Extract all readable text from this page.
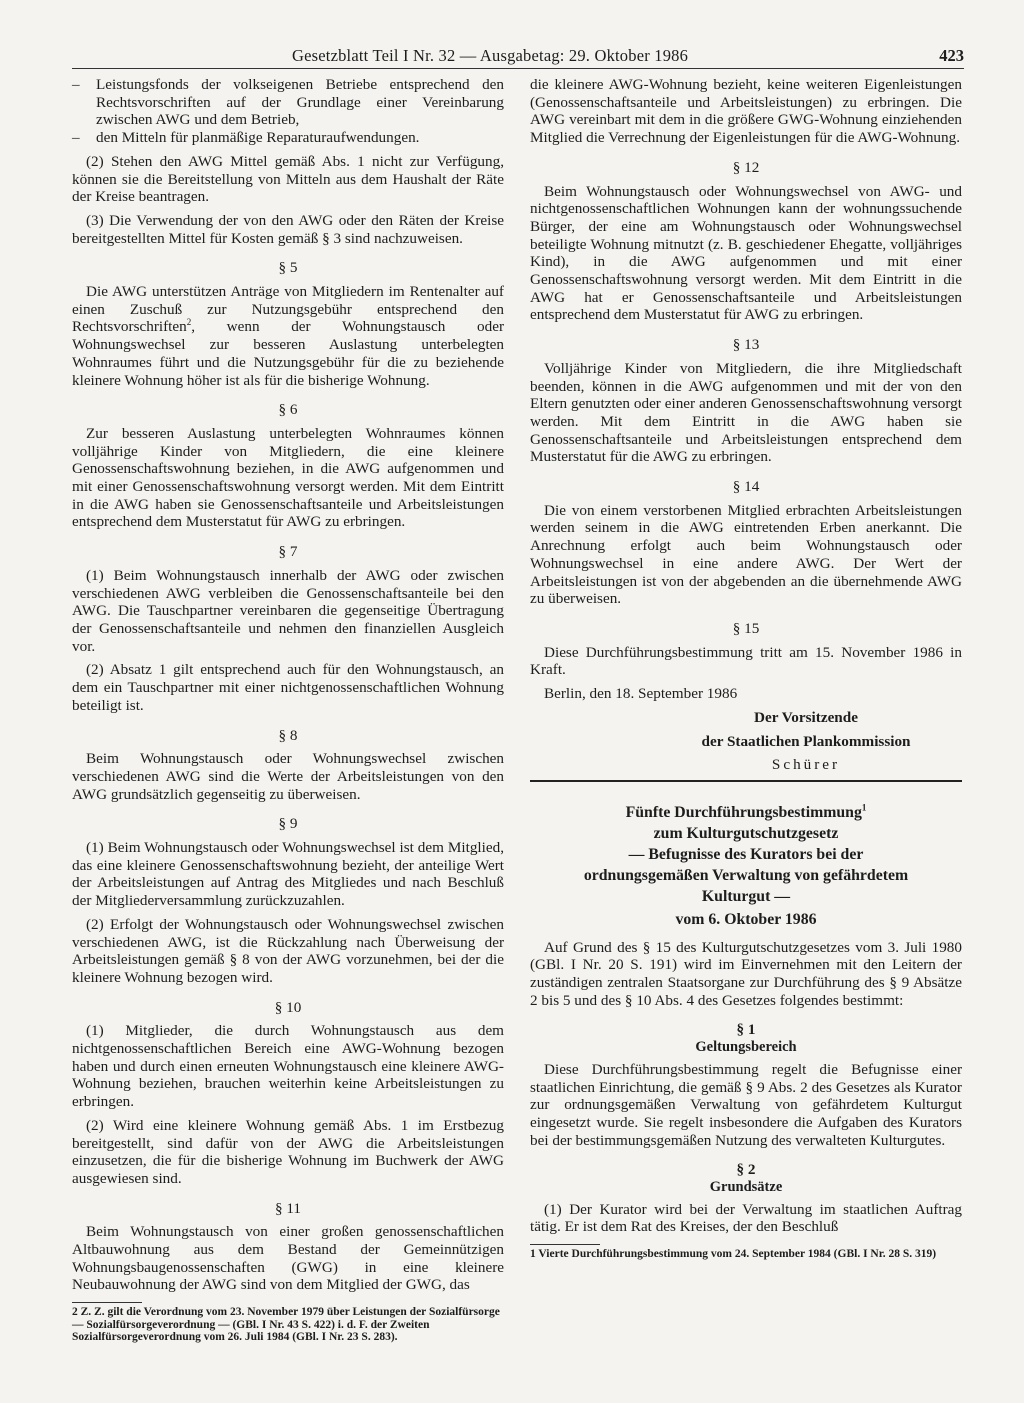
Gesetzblatt Teil I Nr. 32 — Ausgabetag: 29. Oktober 1986	423
–	Leistungsfonds der volkseigenen Betriebe entsprechend den Rechtsvorschriften auf der Grundlage einer Vereinbarung zwischen AWG und dem Betrieb,
–	den Mitteln für planmäßige Reparaturaufwendungen.

(2) Stehen den AWG Mittel gemäß Abs. 1 nicht zur Verfügung, können sie die Bereitstellung von Mitteln aus dem Haushalt der Räte der Kreise beantragen.

(3) Die Verwendung der von den AWG oder den Räten der Kreise bereitgestellten Mittel für Kosten gemäß § 3 sind nachzuweisen.

§ 5

Die AWG unterstützen Anträge von Mitgliedern im Rentenalter auf einen Zuschuß zur Nutzungsgebühr entsprechend den Rechtsvorschriften$^2$, wenn der Wohnungstausch oder Wohnungswechsel zur besseren Auslastung unterbelegten Wohnraumes führt und die Nutzungsgebühr für die zu beziehende kleinere Wohnung höher ist als für die bisherige Wohnung.

§ 6

Zur besseren Auslastung unterbelegten Wohnraumes können volljährige Kinder von Mitgliedern, die eine kleinere Genossenschaftswohnung beziehen, in die AWG aufgenommen und mit einer Genossenschaftswohnung versorgt werden. Mit dem Eintritt in die AWG haben sie Genossenschaftsanteile und Arbeitsleistungen entsprechend dem Musterstatut für AWG zu erbringen.

§ 7

(1) Beim Wohnungstausch innerhalb der AWG oder zwischen verschiedenen AWG verbleiben die Genossenschaftsanteile bei den AWG. Die Tauschpartner vereinbaren die gegenseitige Übertragung der Genossenschaftsanteile und nehmen den finanziellen Ausgleich vor.

(2) Absatz 1 gilt entsprechend auch für den Wohnungstausch, an dem ein Tauschpartner mit einer nichtgenossenschaftlichen Wohnung beteiligt ist.

§ 8

Beim Wohnungstausch oder Wohnungswechsel zwischen verschiedenen AWG sind die Werte der Arbeitsleistungen von den AWG grundsätzlich gegenseitig zu überweisen.

§ 9

(1) Beim Wohnungstausch oder Wohnungswechsel ist dem Mitglied, das eine kleinere Genossenschaftswohnung bezieht, der anteilige Wert der Arbeitsleistungen auf Antrag des Mitgliedes und nach Beschluß der Mitgliederversammlung zurückzuzahlen.

(2) Erfolgt der Wohnungstausch oder Wohnungswechsel zwischen verschiedenen AWG, ist die Rückzahlung nach Überweisung der Arbeitsleistungen gemäß § 8 von der AWG vorzunehmen, bei der die kleinere Wohnung bezogen wird.

§ 10

(1) Mitglieder, die durch Wohnungstausch aus dem nichtgenossenschaftlichen Bereich eine AWG-Wohnung bezogen haben und durch einen erneuten Wohnungstausch eine kleinere AWG-Wohnung beziehen, brauchen weiterhin keine Arbeitsleistungen zu erbringen.

(2) Wird eine kleinere Wohnung gemäß Abs. 1 im Erstbezug bereitgestellt, sind dafür von der AWG die Arbeitsleistungen einzusetzen, die für die bisherige Wohnung im Buchwerk der AWG ausgewiesen sind.

§ 11

Beim Wohnungstausch von einer großen genossenschaftlichen Altbauwohnung aus dem Bestand der Gemeinnützigen Wohnungsbaugenossenschaften (GWG) in eine kleinere Neubauwohnung der AWG sind von dem Mitglied der GWG, das

2 Z. Z. gilt die Verordnung vom 23. November 1979 über Leistungen der Sozialfürsorge — Sozialfürsorgeverordnung — (GBl. I Nr. 43 S. 422) i. d. F. der Zweiten Sozialfürsorgeverordnung vom 26. Juli 1984 (GBl. I Nr. 23 S. 283).

die kleinere AWG-Wohnung bezieht, keine weiteren Eigenleistungen (Genossenschaftsanteile und Arbeitsleistungen) zu erbringen. Die AWG vereinbart mit dem in die größere GWG-Wohnung einziehenden Mitglied die Verrechnung der Eigenleistungen für die AWG-Wohnung.

§ 12

Beim Wohnungstausch oder Wohnungswechsel von AWG- und nichtgenossenschaftlichen Wohnungen kann der wohnungssuchende Bürger, der eine am Wohnungstausch oder Wohnungswechsel beteiligte Wohnung mitnutzt (z. B. geschiedener Ehegatte, volljähriges Kind), in die AWG aufgenommen und mit einer Genossenschaftswohnung versorgt werden. Mit dem Eintritt in die AWG hat er Genossenschaftsanteile und Arbeitsleistungen entsprechend dem Musterstatut für AWG zu erbringen.

§ 13

Volljährige Kinder von Mitgliedern, die ihre Mitgliedschaft beenden, können in die AWG aufgenommen und mit der von den Eltern genutzten oder einer anderen Genossenschaftswohnung versorgt werden. Mit dem Eintritt in die AWG haben sie Genossenschaftsanteile und Arbeitsleistungen entsprechend dem Musterstatut für die AWG zu erbringen.

§ 14

Die von einem verstorbenen Mitglied erbrachten Arbeitsleistungen werden seinem in die AWG eintretenden Erben anerkannt. Die Anrechnung erfolgt auch beim Wohnungstausch oder Wohnungswechsel in eine andere AWG. Der Wert der Arbeitsleistungen ist von der abgebenden an die übernehmende AWG zu überweisen.

§ 15

Diese Durchführungsbestimmung tritt am 15. November 1986 in Kraft.

Berlin, den 18. September 1986

Der Vorsitzende

der Staatlichen Plankommission

Schürer

Fünfte Durchführungsbestimmung$^1$
zum Kulturgutschutzgesetz
— Befugnisse des Kurators bei der
ordnungsgemäßen Verwaltung von gefährdetem
Kulturgut —
vom 6. Oktober 1986

Auf Grund des § 15 des Kulturgutschutzgesetzes vom 3. Juli 1980 (GBl. I Nr. 20 S. 191) wird im Einvernehmen mit den Leitern der zuständigen zentralen Staatsorgane zur Durchführung des § 9 Absätze 2 bis 5 und des § 10 Abs. 4 des Gesetzes folgendes bestimmt:

§ 1
Geltungsbereich

Diese Durchführungsbestimmung regelt die Befugnisse einer staatlichen Einrichtung, die gemäß § 9 Abs. 2 des Gesetzes als Kurator zur ordnungsgemäßen Verwaltung von gefährdetem Kulturgut eingesetzt wurde. Sie regelt insbesondere die Aufgaben des Kurators bei der bestimmungsgemäßen Nutzung des verwalteten Kulturgutes.

§ 2
Grundsätze

(1) Der Kurator wird bei der Verwaltung im staatlichen Auftrag tätig. Er ist dem Rat des Kreises, der den Beschluß

1 Vierte Durchführungsbestimmung vom 24. September 1984 (GBl. I Nr. 28 S. 319)
